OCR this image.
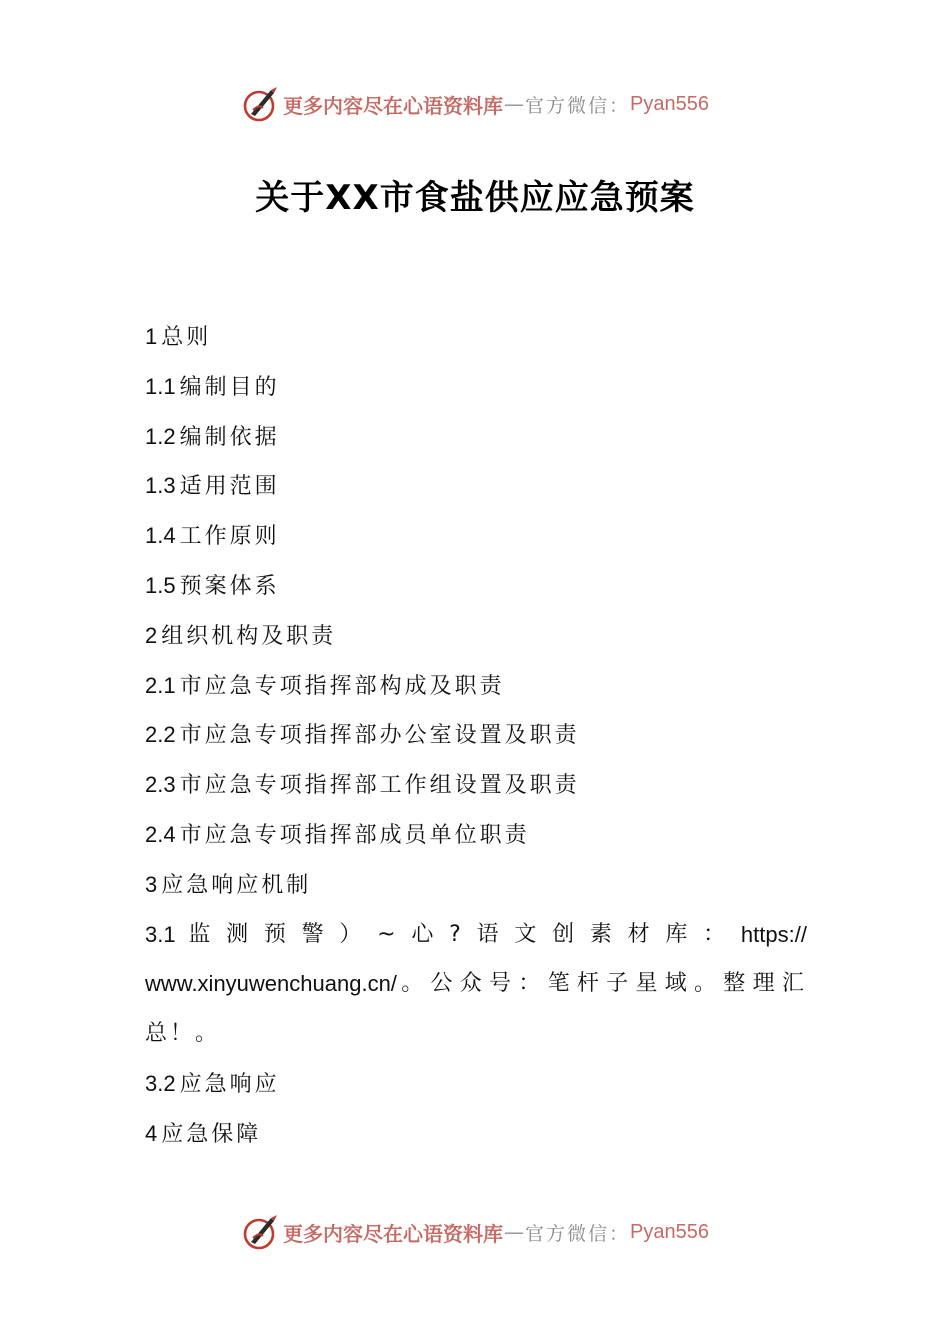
更多内容尽在心语资料库 — 官方微信： Pyan556
关于XX市食盐供应应急预案
1 总则
1.1 编制目的
1.2 编制依据
1.3 适用范围
1.4 工作原则
1.5 预案体系
2 组织机构及职责
2.1 市应急专项指挥部构成及职责
2.2 市应急专项指挥部办公室设置及职责
2.3 市应急专项指挥部工作组设置及职责
2.4 市应急专项指挥部成员单位职责
3 应急响应机制
3.1 监 测 预 警 ） ~ 心 ? 语 文 创 素 材 库 ： https://
www.xinyuwenchuang.cn/ 。 公 众 号 ： 笔 杆 子 星 域 。 整 理 汇
总！。
3.2 应急响应
4 应急保障
更多内容尽在心语资料库 — 官方微信： Pyan556
